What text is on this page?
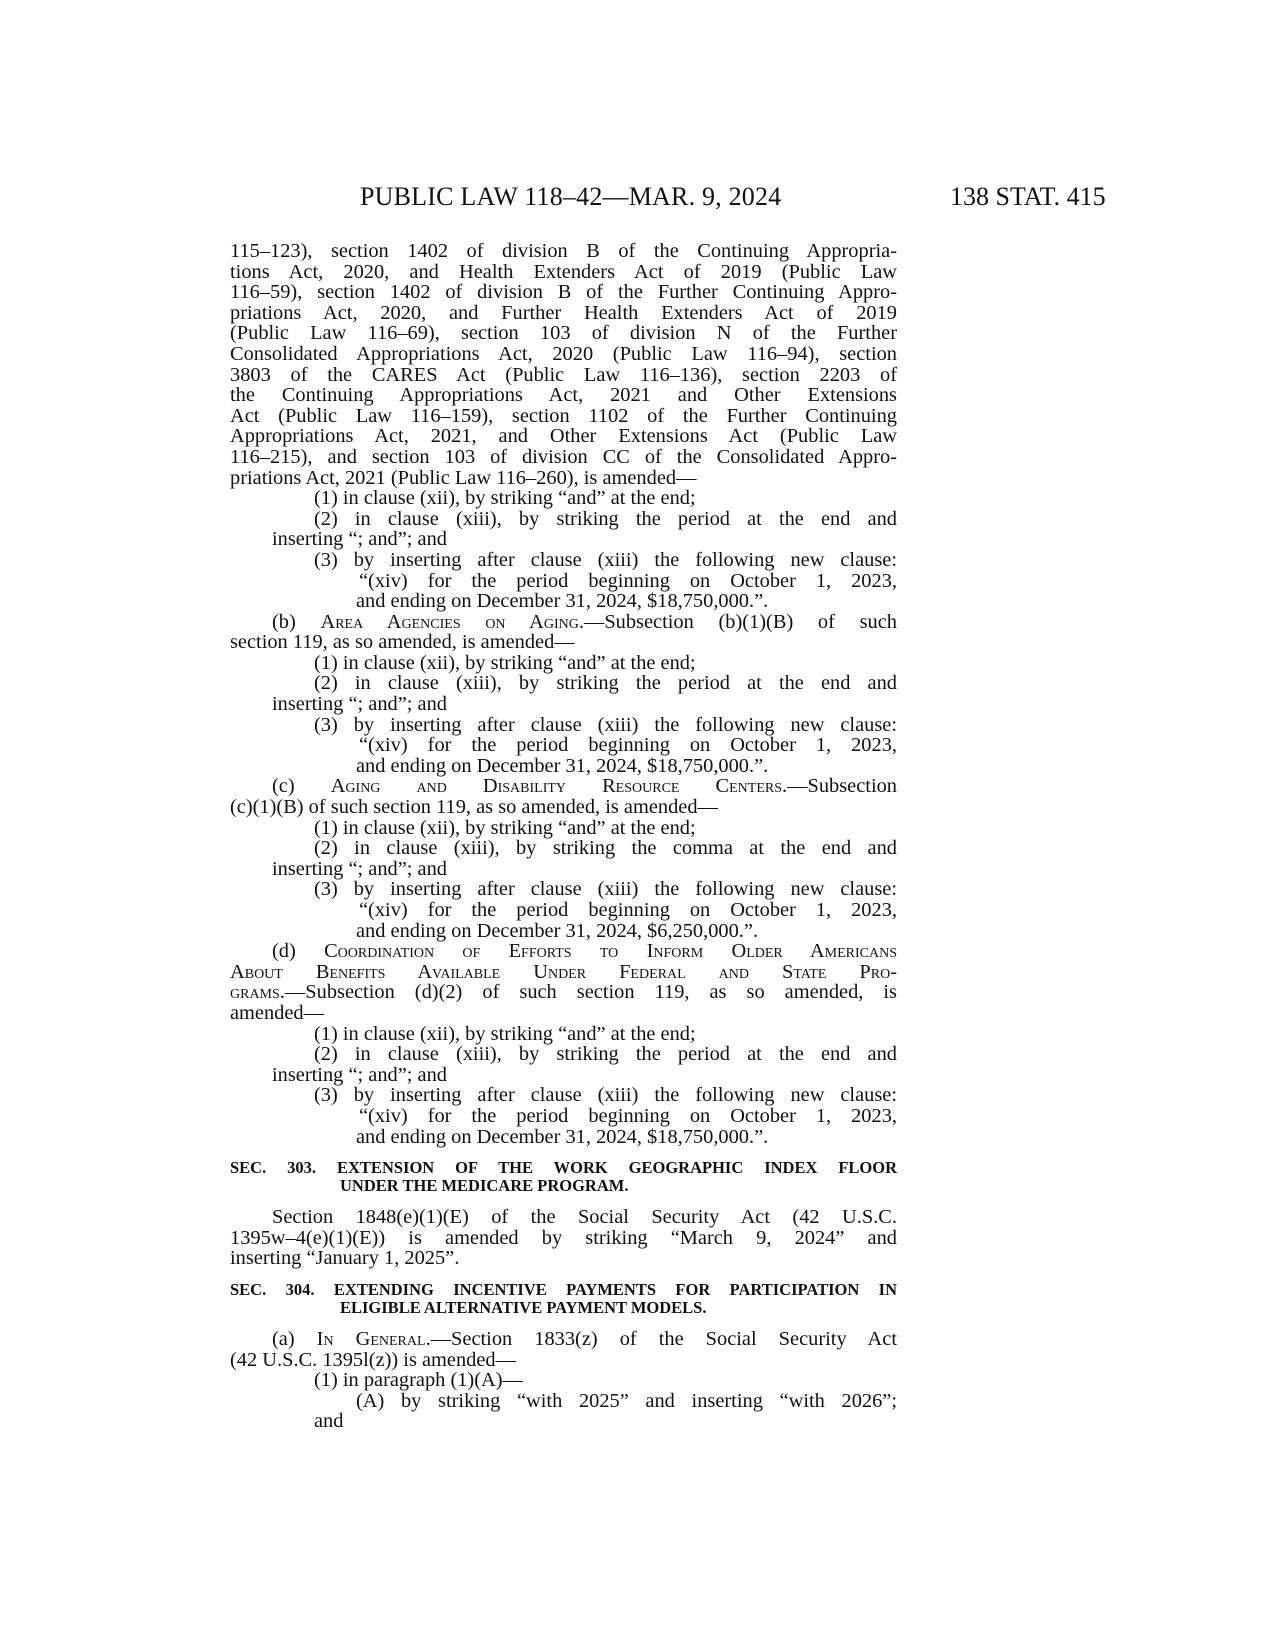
PUBLIC LAW 118–42—MAR. 9, 2024	138 STAT. 415
115–123), section 1402 of division B of the Continuing Appropria-
tions Act, 2020, and Health Extenders Act of 2019 (Public Law
116–59), section 1402 of division B of the Further Continuing Appro-
priations Act, 2020, and Further Health Extenders Act of 2019
(Public Law 116–69), section 103 of division N of the Further
Consolidated Appropriations Act, 2020 (Public Law 116–94), section
3803 of the CARES Act (Public Law 116–136), section 2203 of
the Continuing Appropriations Act, 2021 and Other Extensions
Act (Public Law 116–159), section 1102 of the Further Continuing
Appropriations Act, 2021, and Other Extensions Act (Public Law
116–215), and section 103 of division CC of the Consolidated Appro-
priations Act, 2021 (Public Law 116–260), is amended—
(1) in clause (xii), by striking “and” at the end;
(2) in clause (xiii), by striking the period at the end and
inserting “; and”; and
(3) by inserting after clause (xiii) the following new clause:
“(xiv) for the period beginning on October 1, 2023,
and ending on December 31, 2024, $18,750,000.”.
(b) Area Agencies on Aging.—Subsection (b)(1)(B) of such
section 119, as so amended, is amended—
(1) in clause (xii), by striking “and” at the end;
(2) in clause (xiii), by striking the period at the end and
inserting “; and”; and
(3) by inserting after clause (xiii) the following new clause:
“(xiv) for the period beginning on October 1, 2023,
and ending on December 31, 2024, $18,750,000.”.
(c) Aging and Disability Resource Centers.—Subsection
(c)(1)(B) of such section 119, as so amended, is amended—
(1) in clause (xii), by striking “and” at the end;
(2) in clause (xiii), by striking the comma at the end and
inserting “; and”; and
(3) by inserting after clause (xiii) the following new clause:
“(xiv) for the period beginning on October 1, 2023,
and ending on December 31, 2024, $6,250,000.”.
(d) Coordination of Efforts to Inform Older Americans
About Benefits Available Under Federal and State Pro-
grams.—Subsection (d)(2) of such section 119, as so amended, is
amended—
(1) in clause (xii), by striking “and” at the end;
(2) in clause (xiii), by striking the period at the end and
inserting “; and”; and
(3) by inserting after clause (xiii) the following new clause:
“(xiv) for the period beginning on October 1, 2023,
and ending on December 31, 2024, $18,750,000.”.
SEC. 303. EXTENSION OF THE WORK GEOGRAPHIC INDEX FLOOR
UNDER THE MEDICARE PROGRAM.
Section 1848(e)(1)(E) of the Social Security Act (42 U.S.C.
1395w–4(e)(1)(E)) is amended by striking “March 9, 2024” and
inserting “January 1, 2025”.
SEC. 304. EXTENDING INCENTIVE PAYMENTS FOR PARTICIPATION IN
ELIGIBLE ALTERNATIVE PAYMENT MODELS.
(a) In General.—Section 1833(z) of the Social Security Act
(42 U.S.C. 1395l(z)) is amended—
(1) in paragraph (1)(A)—
(A) by striking “with 2025” and inserting “with 2026”;
and
